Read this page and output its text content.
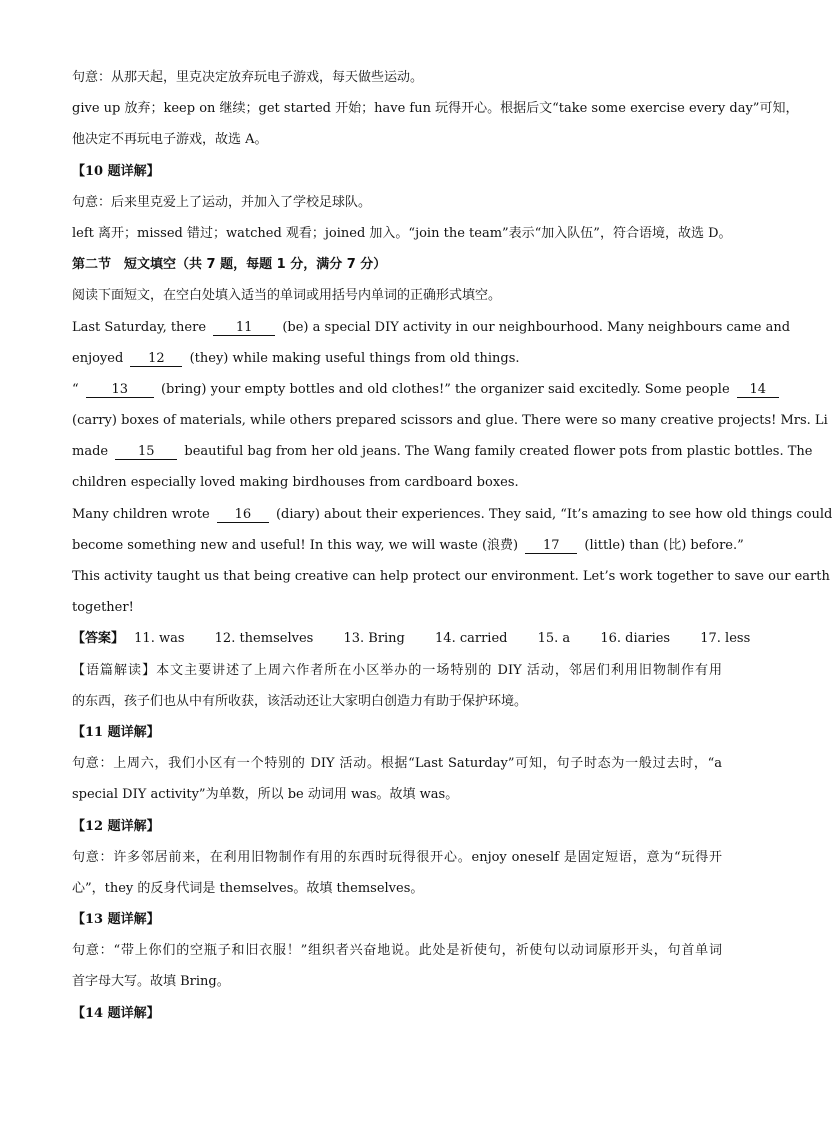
句意：从那天起，里克决定放弃玩电子游戏，每天做些运动。
give up 放弃；keep on 继续；get started 开始；have fun 玩得开心。根据后文“take some exercise every day”可知，
他决定不再玩电子游戏，故选 A。
【10 题详解】
句意：后来里克爱上了运动，并加入了学校足球队。
left 离开；missed 错过；watched 观看；joined 加入。“join the team”表示“加入队伍”，符合语境，故选 D。
第二节　短文填空（共 7 题，每题 1 分，满分 7 分）
阅读下面短文，在空白处填入适当的单词或用括号内单词的正确形式填空。
Last Saturday, there 11 (be) a special DIY activity in our neighbourhood. Many neighbours came and
enjoyed 12 (they) while making useful things from old things.
“	13	(bring) your empty bottles and old clothes!” the organizer said excitedly. Some people 14
(carry) boxes of materials, while others prepared scissors and glue. There were so many creative projects! Mrs. Li
made 15 beautiful bag from her old jeans. The Wang family created flower pots from plastic bottles. The
children especially loved making birdhouses from cardboard boxes.
Many children wrote 16 (diary) about their experiences. They said, “It’s amazing to see how old things could
become something new and useful! In this way, we will waste (浪费) 17 (little) than (比) before.”
This activity taught us that being creative can help protect our environment. Let’s work together to save our earth
together!
【答案】 11. was 12. themselves 13. Bring 14. carried 15. a 16. diaries 17. less
【语篇解读】本文主要讲述了上周六作者所在小区举办的一场特别的 DIY 活动，邻居们利用旧物制作有用
的东西，孩子们也从中有所收获，该活动还让大家明白创造力有助于保护环境。
【11 题详解】
句意：上周六，我们小区有一个特别的 DIY 活动。根据“Last Saturday”可知，句子时态为一般过去时，“a
special DIY activity”为单数，所以 be 动词用 was。故填 was。
【12 题详解】
句意：许多邻居前来，在利用旧物制作有用的东西时玩得很开心。enjoy oneself 是固定短语，意为“玩得开
心”，they 的反身代词是 themselves。故填 themselves。
【13 题详解】
句意：“带上你们的空瓶子和旧衣服！”组织者兴奋地说。此处是祈使句，祈使句以动词原形开头，句首单词
首字母大写。故填 Bring。
【14 题详解】
